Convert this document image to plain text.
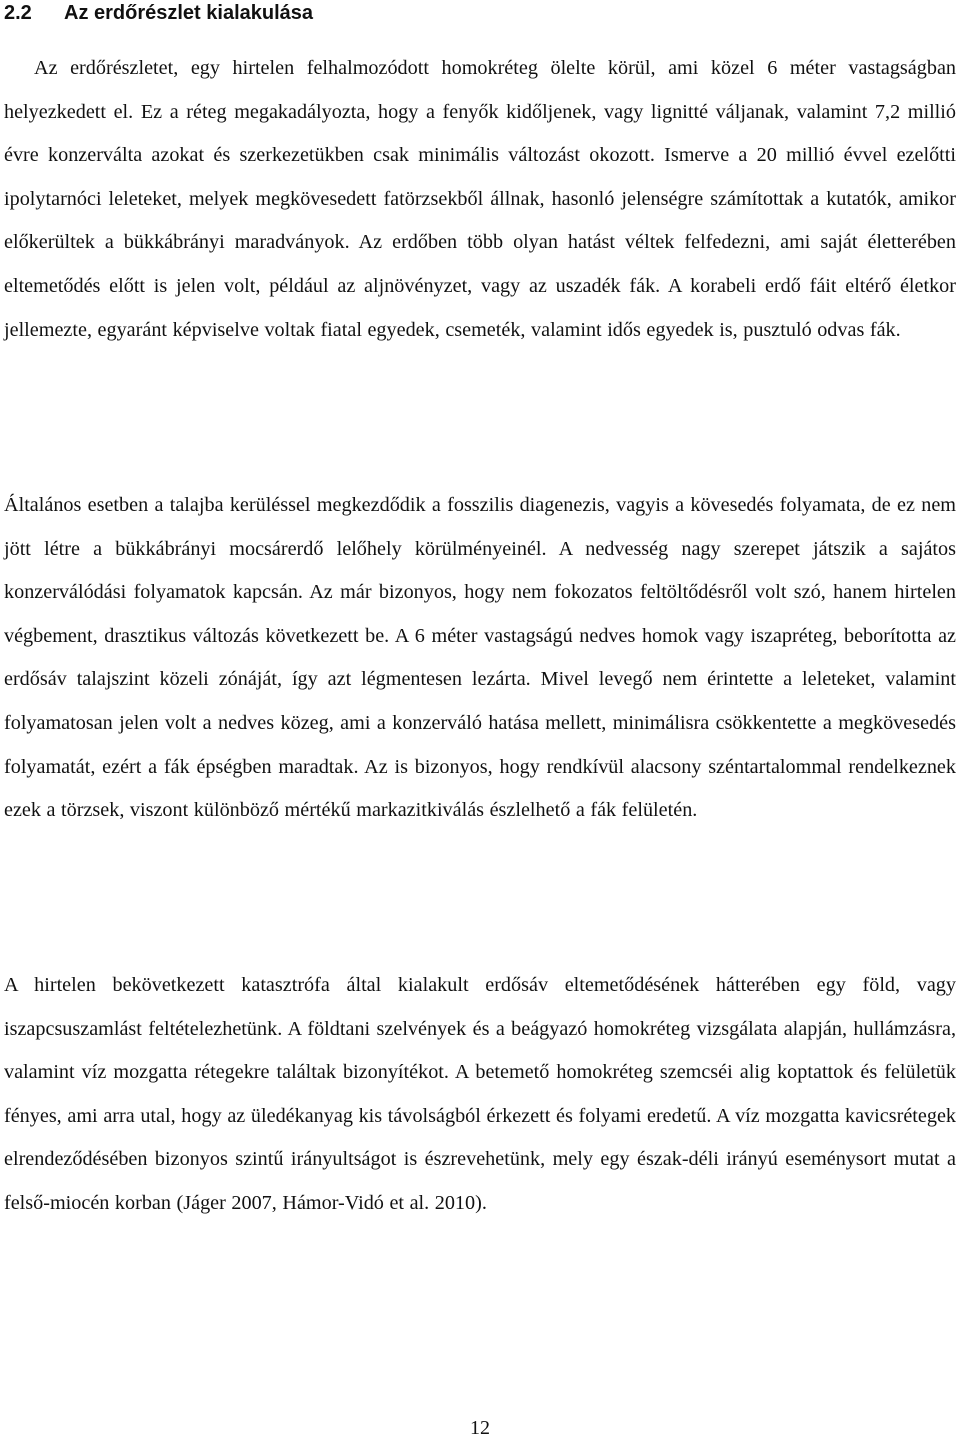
2.2 Az erdőrészlet kialakulása

Az erdőrészletet, egy hirtelen felhalmozódott homokréteg ölelte körül, ami közel 6 méter vastagságban helyezkedett el. Ez a réteg megakadályozta, hogy a fenyők kidőljenek, vagy lignitté váljanak, valamint 7,2 millió évre konzerválta azokat és szerkezetükben csak minimális változást okozott. Ismerve a 20 millió évvel ezelőtti ipolytarnóci leleteket, melyek megkövesedett fatörzsekből állnak, hasonló jelenségre számítottak a kutatók, amikor előkerültek a bükkábrányi maradványok. Az erdőben több olyan hatást véltek felfedezni, ami saját életterében eltemetődés előtt is jelen volt, például az aljnövényzet, vagy az uszadék fák. A korabeli erdő fáit eltérő életkor jellemezte, egyaránt képviselve voltak fiatal egyedek, csemeték, valamint idős egyedek is, pusztuló odvas fák.

Általános esetben a talajba kerüléssel megkezdődik a fosszilis diagenezis, vagyis a kövesedés folyamata, de ez nem jött létre a bükkábrányi mocsárerdő lelőhely körülményeinél. A nedvesség nagy szerepet játszik a sajátos konzerválódási folyamatok kapcsán. Az már bizonyos, hogy nem fokozatos feltöltődésről volt szó, hanem hirtelen végbement, drasztikus változás következett be. A 6 méter vastagságú nedves homok vagy iszapréteg, beborította az erdősáv talajszint közeli zónáját, így azt légmentesen lezárta. Mivel levegő nem érintette a leleteket, valamint folyamatosan jelen volt a nedves közeg, ami a konzerváló hatása mellett, minimálisra csökkentette a megkövesedés folyamatát, ezért a fák épségben maradtak. Az is bizonyos, hogy rendkívül alacsony széntartalommal rendelkeznek ezek a törzsek, viszont különböző mértékű markazitkiválás észlelhető a fák felületén.

A hirtelen bekövetkezett katasztrófa által kialakult erdősáv eltemetődésének hátterében egy föld, vagy iszapcsuszamlást feltételezhetünk. A földtani szelvények és a beágyazó homokréteg vizsgálata alapján, hullámzásra, valamint víz mozgatta rétegekre találtak bizonyítékot. A betemető homokréteg szemcséi alig koptattok és felületük fényes, ami arra utal, hogy az üledékanyag kis távolságból érkezett és folyami eredetű. A víz mozgatta kavicsrétegek elrendeződésében bizonyos szintű irányultságot is észrevehetünk, mely egy észak-déli irányú eseménysort mutat a felső-miocén korban (Jáger 2007, Hámor-Vidó et al. 2010).

12
